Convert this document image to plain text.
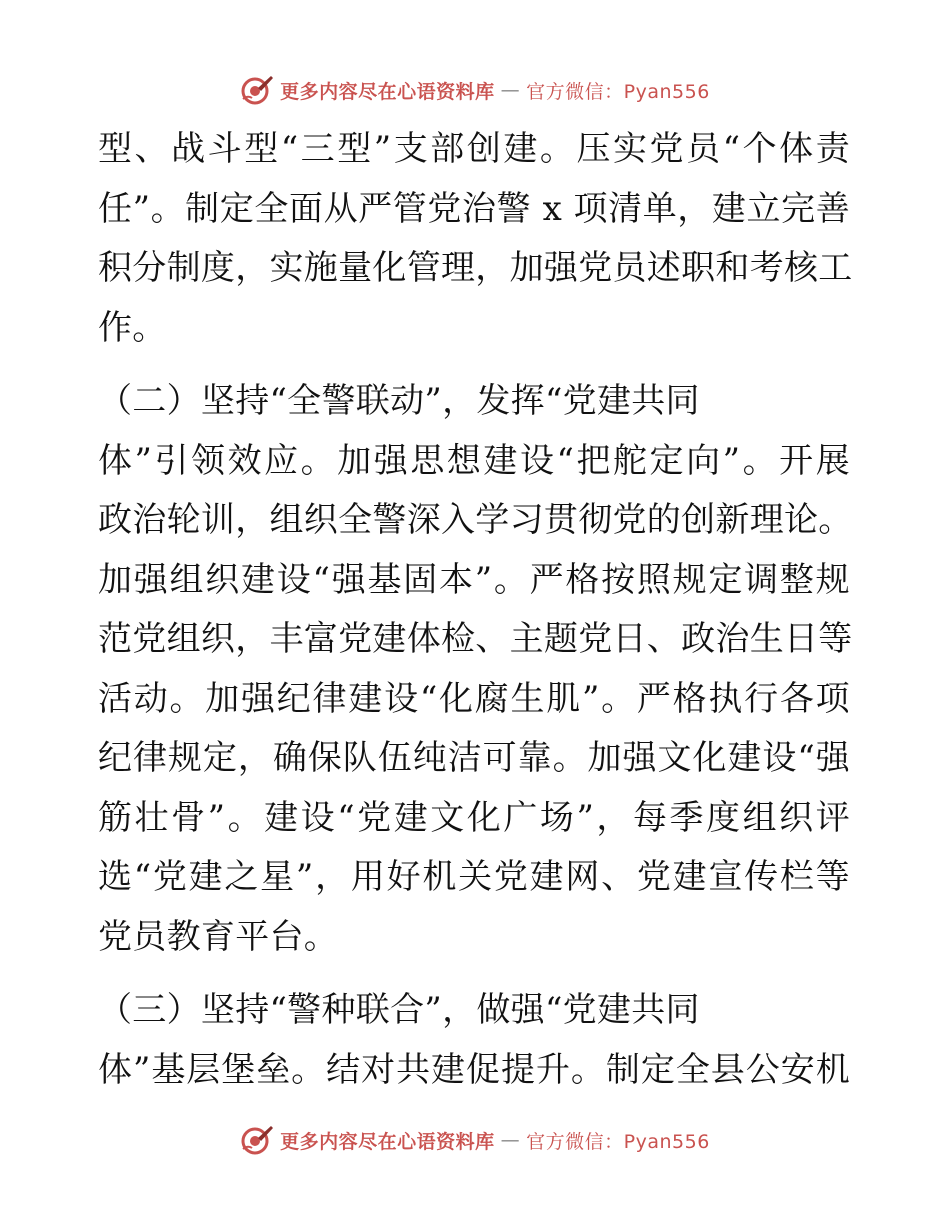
更多内容尽在心语资料库 — 官方微信：Pyan556
型、战斗型“三型”支部创建。压实党员“个体责
任”。制定全面从严管党治警 x 项清单，建立完善
积分制度，实施量化管理，加强党员述职和考核工
作。
（二）坚持“全警联动”，发挥“党建共同
体”引领效应。加强思想建设“把舵定向”。开展
政治轮训，组织全警深入学习贯彻党的创新理论。
加强组织建设“强基固本”。严格按照规定调整规
范党组织，丰富党建体检、主题党日、政治生日等
活动。加强纪律建设“化腐生肌”。严格执行各项
纪律规定，确保队伍纯洁可靠。加强文化建设“强
筋壮骨”。建设“党建文化广场”，每季度组织评
选“党建之星”，用好机关党建网、党建宣传栏等
党员教育平台。
（三）坚持“警种联合”，做强“党建共同
体”基层堡垒。结对共建促提升。制定全县公安机
更多内容尽在心语资料库 — 官方微信：Pyan556
